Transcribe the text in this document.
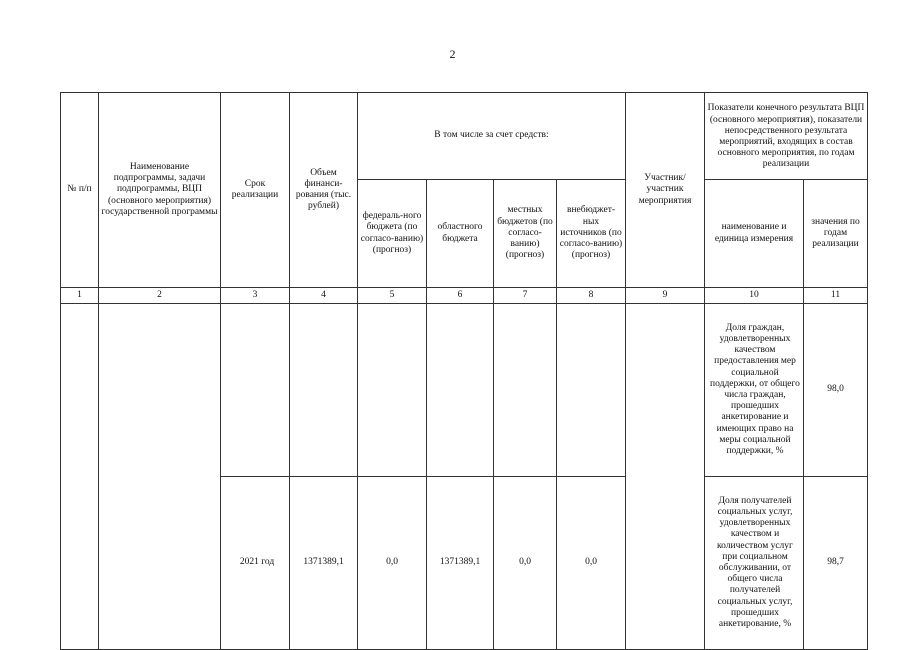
2
№ п/п	Наименование подпрограммы, задачи подпрограммы, ВЦП (основного мероприятия) государственной программы	Срок реализации	Объем финанси-рования (тыс. рублей)	В том числе за счет средств:				Участник/ участник мероприятия	Показатели конечного результата ВЦП (основного мероприятия), показатели непосредственного результата мероприятий, входящих в состав основного мероприятия, по годам реализации	
				федераль-ного бюджета (по согласо-ванию) (прогноз)	областного бюджета	местных бюджетов (по согласо-ванию) (прогноз)	внебюджет-ных источников (по согласо-ванию) (прогноз)		наименование и единица измерения	значения по годам реализации
1	2	3	4	5	6	7	8	9	10	11
									Доля граждан, удовлетворенных качеством предоставления мер социальной поддержки, от общего числа граждан, прошедших анкетирование и имеющих право на меры социальной поддержки, %	98,0
		2021 год	1371389,1	0,0	1371389,1	0,0	0,0		Доля получателей социальных услуг, удовлетворенных качеством и количеством услуг при социальном обслуживании, от общего числа получателей социальных услуг, прошедших анкетирование, %	98,7
